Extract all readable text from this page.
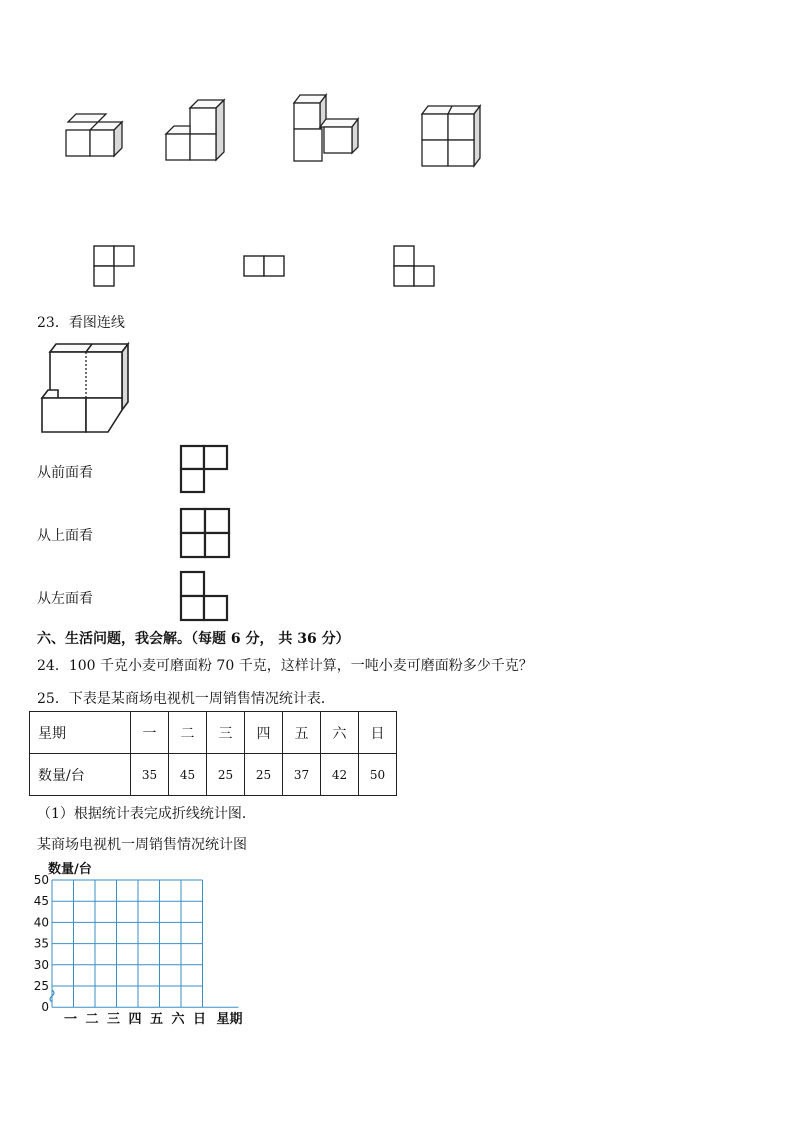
23．看图连线
从前面看
从上面看
从左面看
六、生活问题，我会解。（每题 6 分， 共 36 分）
24．100 千克小麦可磨面粉 70 千克，这样计算，一吨小麦可磨面粉多少千克？
25．下表是某商场电视机一周销售情况统计表．
星期	一	二	三	四	五	六	日
数量/台	35	45	25	25	37	42	50
（1）根据统计表完成折线统计图．
某商场电视机一周销售情况统计图
50
45
40
35
30
25
0
数量/台
一 二 三 四 五 六 日 星期
